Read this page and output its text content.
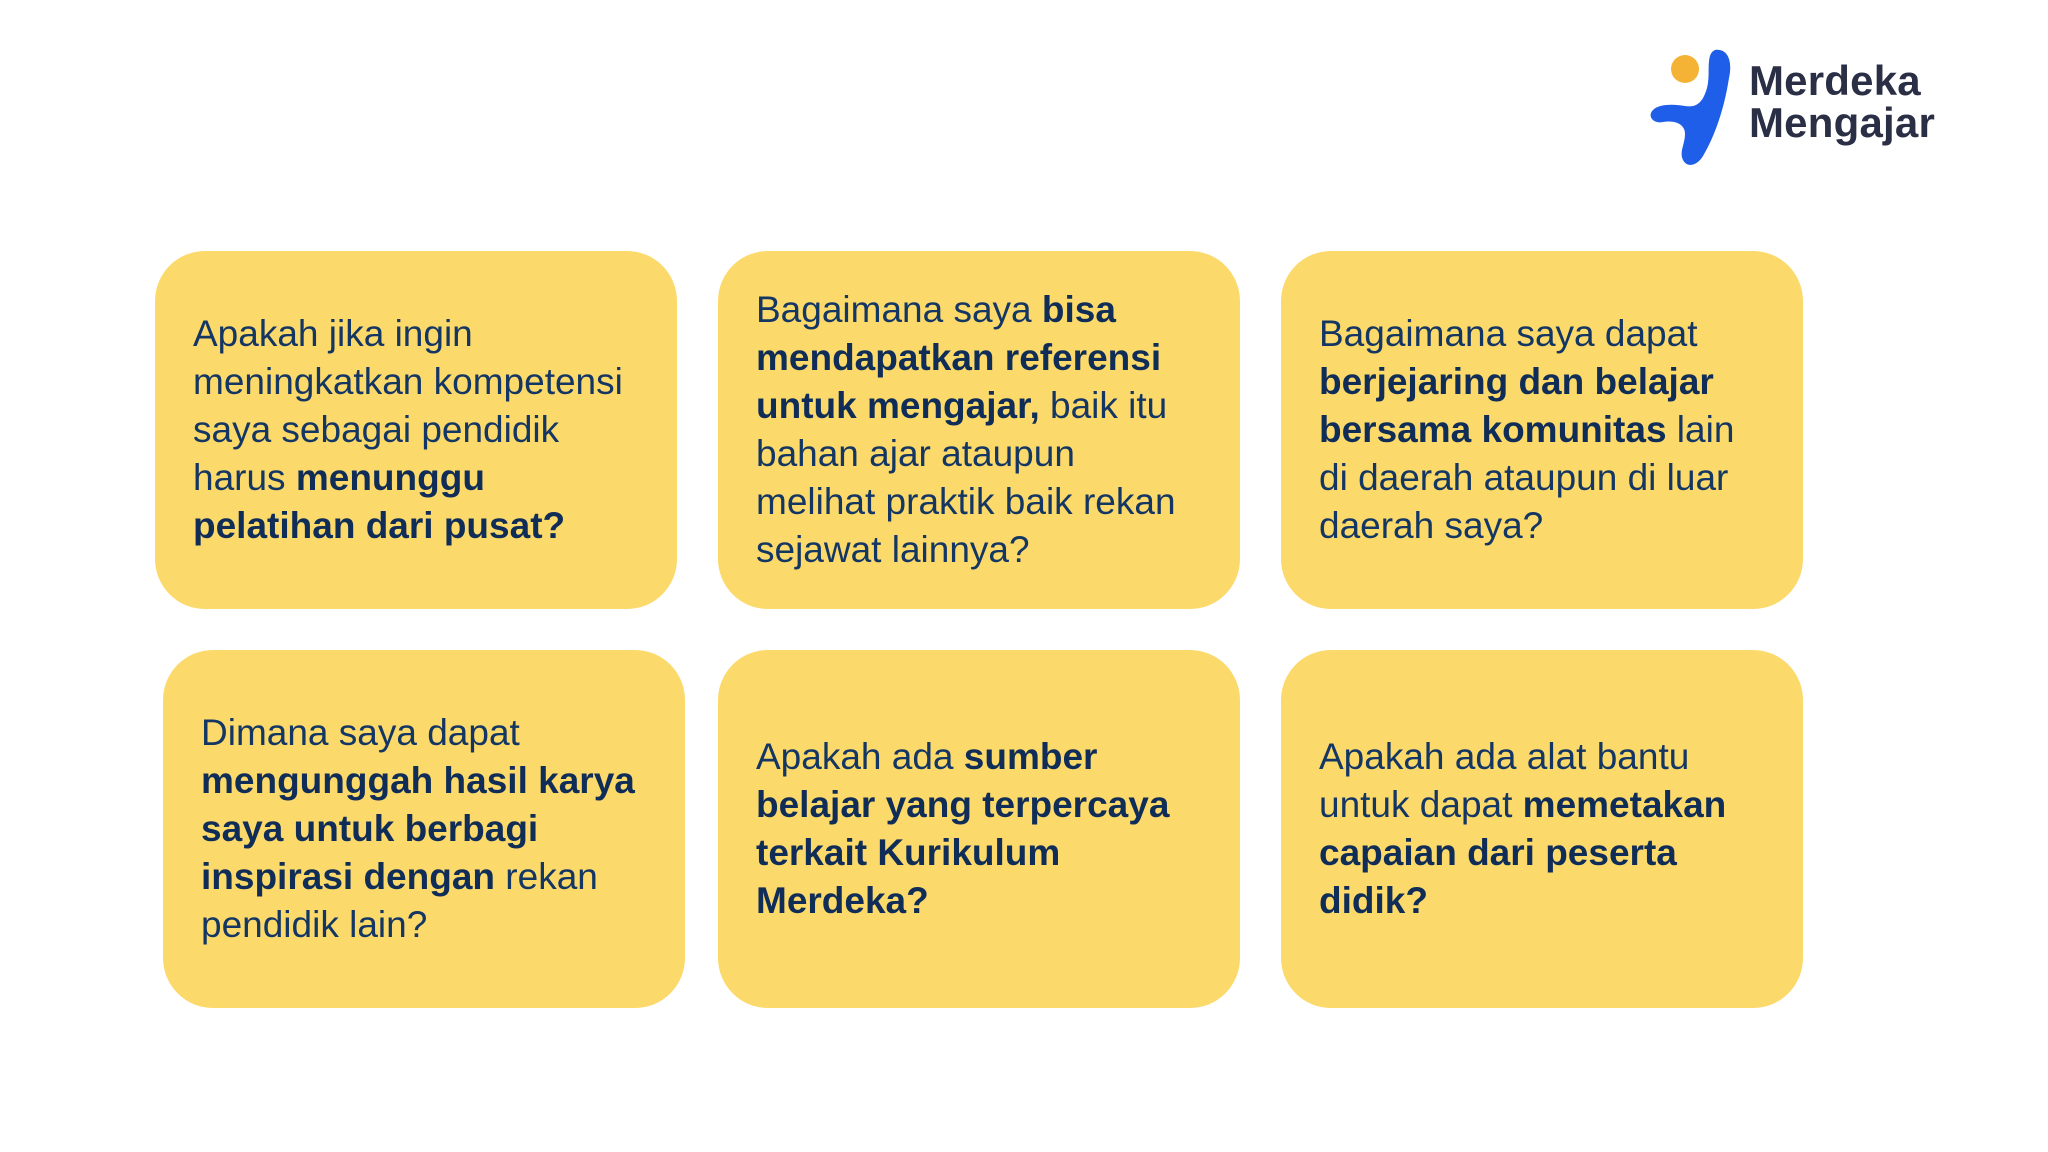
Merdeka
Mengajar

Apakah jika ingin meningkatkan kompetensi saya sebagai pendidik harus menunggu pelatihan dari pusat?

Bagaimana saya bisa mendapatkan referensi untuk mengajar, baik itu bahan ajar ataupun melihat praktik baik rekan sejawat lainnya?

Bagaimana saya dapat berjejaring dan belajar bersama komunitas lain di daerah ataupun di luar daerah saya?

Dimana saya dapat mengunggah hasil karya saya untuk berbagi inspirasi dengan rekan pendidik lain?

Apakah ada sumber belajar yang terpercaya terkait Kurikulum Merdeka?

Apakah ada alat bantu untuk dapat memetakan capaian dari peserta didik?
